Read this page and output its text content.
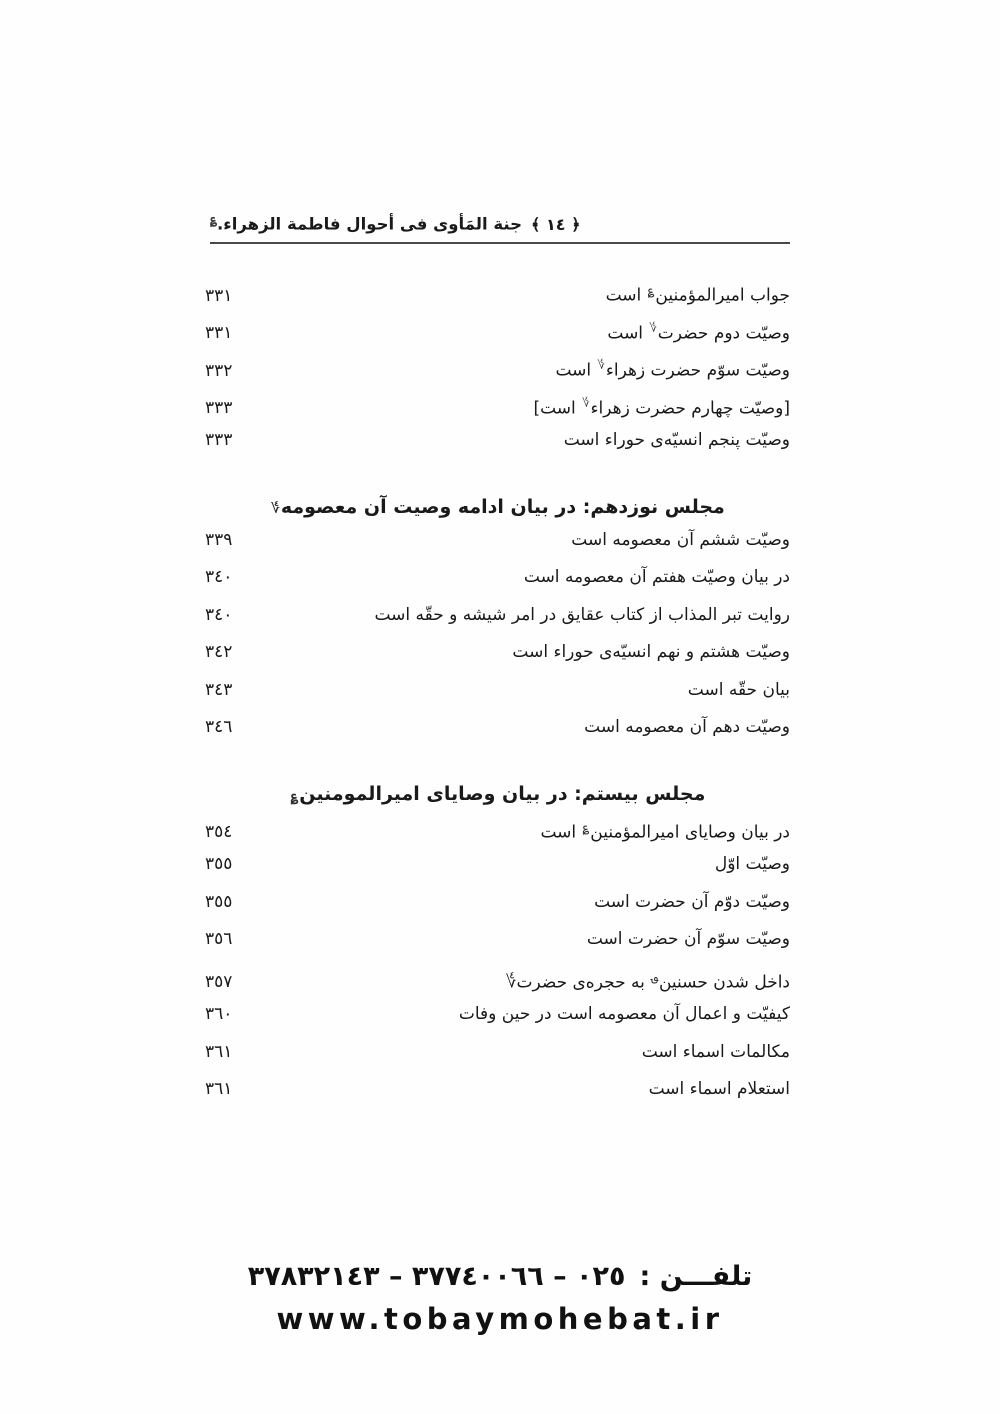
﴿ ١٤ ﴾
جنة المَأوى فى أحوال فاطمة الزهراء.؏
جواب امیرالمؤمنین؏ است
.....
٣٣١
وصیّت دوم حضرت؇ است
.....
٣٣١
وصیّت سوّم حضرت زهراء؇ است
.....
٣٣٢
[وصیّت چهارم حضرت زهراء؇ است]
.....
٣٣٣
وصیّت پنجم انسیّه‌ی حوراء است
.....
٣٣٣
مجلس نوزدهم: در بیان ادامه وصیت آن معصومه
؇
وصیّت ششم آن معصومه است
.....
٣٣٩
در بیان وصیّت هفتم آن معصومه است
.....
٣٤٠
روایت تبر المذاب از کتاب عقایق در امر شیشه و حقّه است
.....
٣٤٠
وصیّت هشتم و نهم انسیّه‌ی حوراء است
.....
٣٤٢
بیان حقّه است
.....
٣٤٣
وصیّت دهم آن معصومه است
.....
٣٤٦
مجلس بیستم: در بیان وصایای امیرالمومنین
؏
در بیان وصایای امیرالمؤمنین؏ است
.....
٣٥٤
وصیّت اوّل
.....
٣٥٥
وصیّت دوّم آن حضرت است
.....
٣٥٥
وصیّت سوّم آن حضرت است
.....
٣٥٦
داخل شدن حسنین؈ به حجره‌ی حضرت؇
.....
٣٥٧
کیفیّت و اعمال آن معصومه است در حین وفات
.....
٣٦٠
مکالمات اسماء است
.....
٣٦١
استعلام اسماء است
.....
٣٦١
تلفـــن :
٠٢٥ – ٣٧٧٤٠٠٦٦ – ٣٧٨٣٢١٤٣
www.tobaymohebat.ir
